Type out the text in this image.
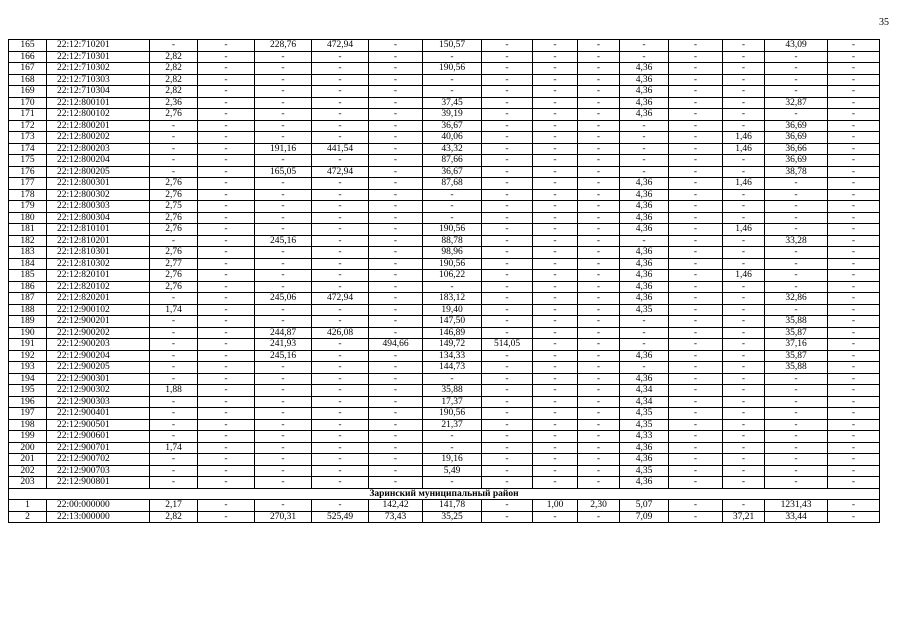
35
165	22:12:710201	-	-	228,76	472,94	-	150,57	-	-	-	-	-	-	43,09	-
166	22:12:710301	2,82	-	-	-	-	-	-	-	-	-	-	-	-	-
167	22:12:710302	2,82	-	-	-	-	190,56	-	-	-	4,36	-	-	-	-
168	22:12:710303	2,82	-	-	-	-	-	-	-	-	4,36	-	-	-	-
169	22:12:710304	2,82	-	-	-	-	-	-	-	-	4,36	-	-	-	-
170	22:12:800101	2,36	-	-	-	-	37,45	-	-	-	4,36	-	-	32,87	-
171	22:12:800102	2,76	-	-	-	-	39,19	-	-	-	4,36	-	-	-	-
172	22:12:800201	-	-	-	-	-	36,67	-	-	-	-	-	-	36,69	-
173	22:12:800202	-	-	-	-	-	40,06	-	-	-	-	-	1,46	36,69	-
174	22:12:800203	-	-	191,16	441,54	-	43,32	-	-	-	-	-	1,46	36,66	-
175	22:12:800204	-	-	-	-	-	87,66	-	-	-	-	-	-	36,69	-
176	22:12:800205	-	-	165,05	472,94	-	36,67	-	-	-	-	-	-	38,78	-
177	22:12:800301	2,76	-	-	-	-	87,68	-	-	-	4,36	-	1,46	-	-
178	22:12:800302	2,76	-	-	-	-	-	-	-	-	4,36	-	-	-	-
179	22:12:800303	2,75	-	-	-	-	-	-	-	-	4,36	-	-	-	-
180	22:12:800304	2,76	-	-	-	-	-	-	-	-	4,36	-	-	-	-
181	22:12:810101	2,76	-	-	-	-	190,56	-	-	-	4,36	-	1,46	-	-
182	22:12:810201	-	-	245,16	-	-	88,78	-	-	-	-	-	-	33,28	-
183	22:12:810301	2,76	-	-	-	-	98,96	-	-	-	4,36	-	-	-	-
184	22:12:810302	2,77	-	-	-	-	190,56	-	-	-	4,36	-	-	-	-
185	22:12:820101	2,76	-	-	-	-	106,22	-	-	-	4,36	-	1,46	-	-
186	22:12:820102	2,76	-	-	-	-	-	-	-	-	4,36	-	-	-	-
187	22:12:820201	-	-	245,06	472,94	-	183,12	-	-	-	4,36	-	-	32,86	-
188	22:12:900102	1,74	-	-	-	-	19,40	-	-	-	4,35	-	-	-	-
189	22:12:900201	-	-	-	-	-	147,50	-	-	-	-	-	-	35,88	-
190	22:12:900202	-	-	244,87	426,08	-	146,89	-	-	-	-	-	-	35,87	-
191	22:12:900203	-	-	241,93	-	494,66	149,72	514,05	-	-	-	-	-	37,16	-
192	22:12:900204	-	-	245,16	-	-	134,33	-	-	-	4,36	-	-	35,87	-
193	22:12:900205	-	-	-	-	-	144,73	-	-	-	-	-	-	35,88	-
194	22:12:900301	-	-	-	-	-	-	-	-	-	4,36	-	-	-	-
195	22:12:900302	1,88	-	-	-	-	35,88	-	-	-	4,34	-	-	-	-
196	22:12:900303	-	-	-	-	-	17,37	-	-	-	4,34	-	-	-	-
197	22:12:900401	-	-	-	-	-	190,56	-	-	-	4,35	-	-	-	-
198	22:12:900501	-	-	-	-	-	21,37	-	-	-	4,35	-	-	-	-
199	22:12:900601	-	-	-	-	-	-	-	-	-	4,33	-	-	-	-
200	22:12:900701	1,74	-	-	-	-	-	-	-	-	4,36	-	-	-	-
201	22:12:900702	-	-	-	-	-	19,16	-	-	-	4,36	-	-	-	-
202	22:12:900703	-	-	-	-	-	5,49	-	-	-	4,35	-	-	-	-
203	22:12:900801	-	-	-	-	-	-	-	-	-	4,36	-	-	-	-
Заринский муниципальный район															
1	22:00:000000	2,17	-	-	-	142,42	141,78	-	1,00	2,30	5,07	-	-	1231,43	-
2	22:13:000000	2,82	-	270,31	525,49	73,43	35,25	-	-	-	7,09	-	37,21	33,44	-
